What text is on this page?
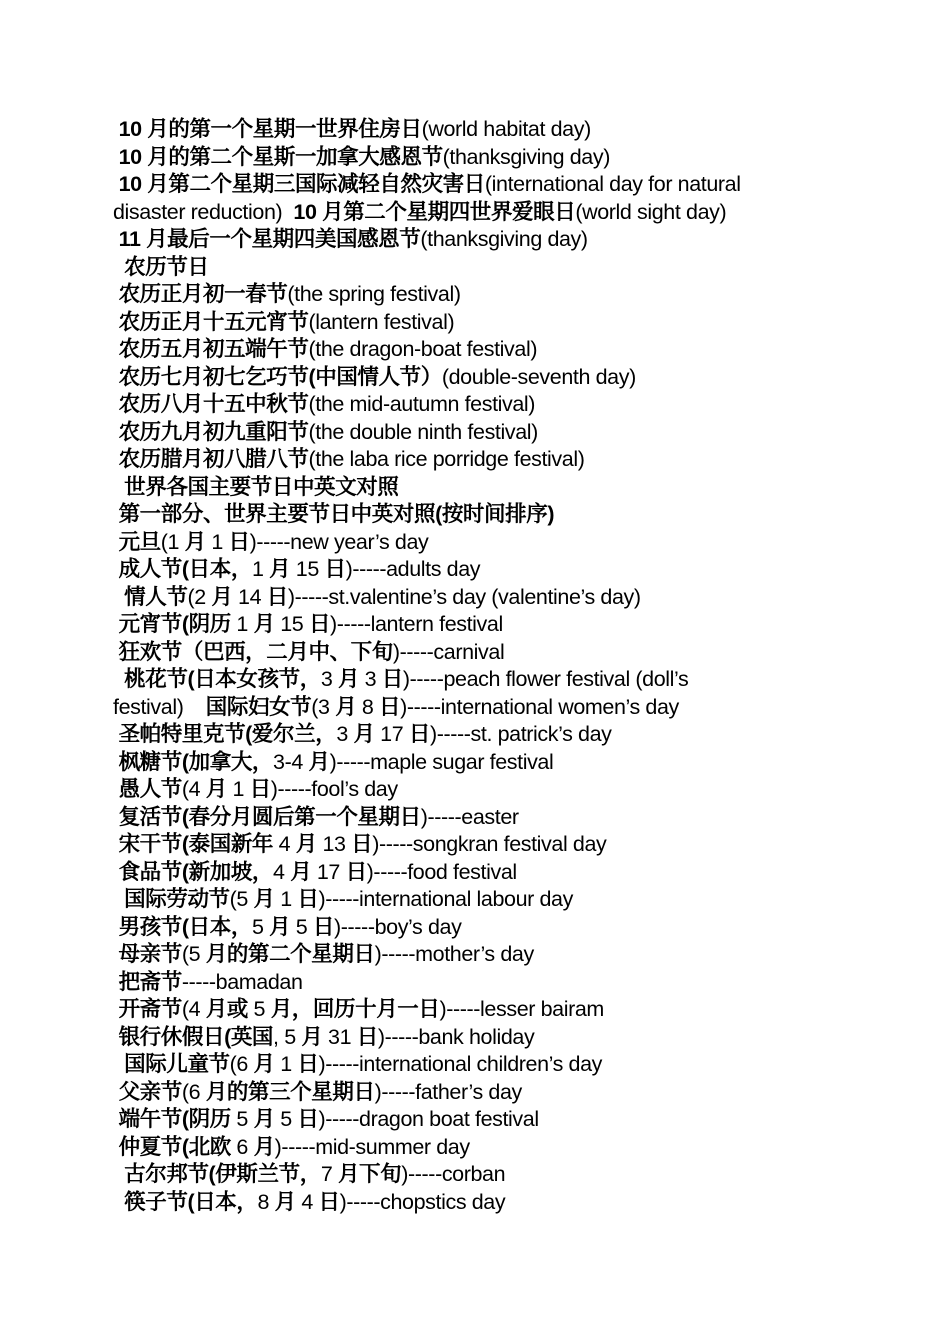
10 月的第一个星期一世界住房日(world habitat day)
10 月的第二个星斯一加拿大感恩节(thanksgiving day)
10 月第二个星期三国际减轻自然灾害日(international day for natural
disaster reduction)  10 月第二个星期四世界爱眼日(world sight day)
11 月最后一个星期四美国感恩节(thanksgiving day)
农历节日
农历正月初一春节(the spring festival)
农历正月十五元宵节(lantern festival)
农历五月初五端午节(the dragon-boat festival)
农历七月初七乞巧节(中国情人节）(double-seventh day)
农历八月十五中秋节(the mid-autumn festival)
农历九月初九重阳节(the double ninth festival)
农历腊月初八腊八节(the laba rice porridge festival)
世界各国主要节日中英文对照
第一部分、世界主要节日中英对照(按时间排序)
元旦(1 月 1 日)-----new year’s day
成人节(日本，1 月 15 日)-----adults day
情人节(2 月 14 日)-----st.valentine’s day (valentine’s day)
元宵节(阴历 1 月 15 日)-----lantern festival
狂欢节（巴西，二月中、下旬)-----carnival
桃花节(日本女孩节，3 月 3 日)-----peach flower festival (doll’s
festival)    国际妇女节(3 月 8 日)-----international women’s day
圣帕特里克节(爱尔兰，3 月 17 日)-----st. patrick’s day
枫糖节(加拿大，3-4 月)-----maple sugar festival
愚人节(4 月 1 日)-----fool’s day
复活节(春分月圆后第一个星期日)-----easter
宋干节(泰国新年 4 月 13 日)-----songkran festival day
食品节(新加坡，4 月 17 日)-----food festival
国际劳动节(5 月 1 日)-----international labour day
男孩节(日本，5 月 5 日)-----boy’s day
母亲节(5 月的第二个星期日)-----mother’s day
把斋节-----bamadan
开斋节(4 月或 5 月，回历十月一日)-----lesser bairam
银行休假日(英国, 5 月 31 日)-----bank holiday
国际儿童节(6 月 1 日)-----international children’s day
父亲节(6 月的第三个星期日)-----father’s day
端午节(阴历 5 月 5 日)-----dragon boat festival
仲夏节(北欧 6 月)-----mid-summer day
古尔邦节(伊斯兰节，7 月下旬)-----corban
筷子节(日本，8 月 4 日)-----chopstics day
